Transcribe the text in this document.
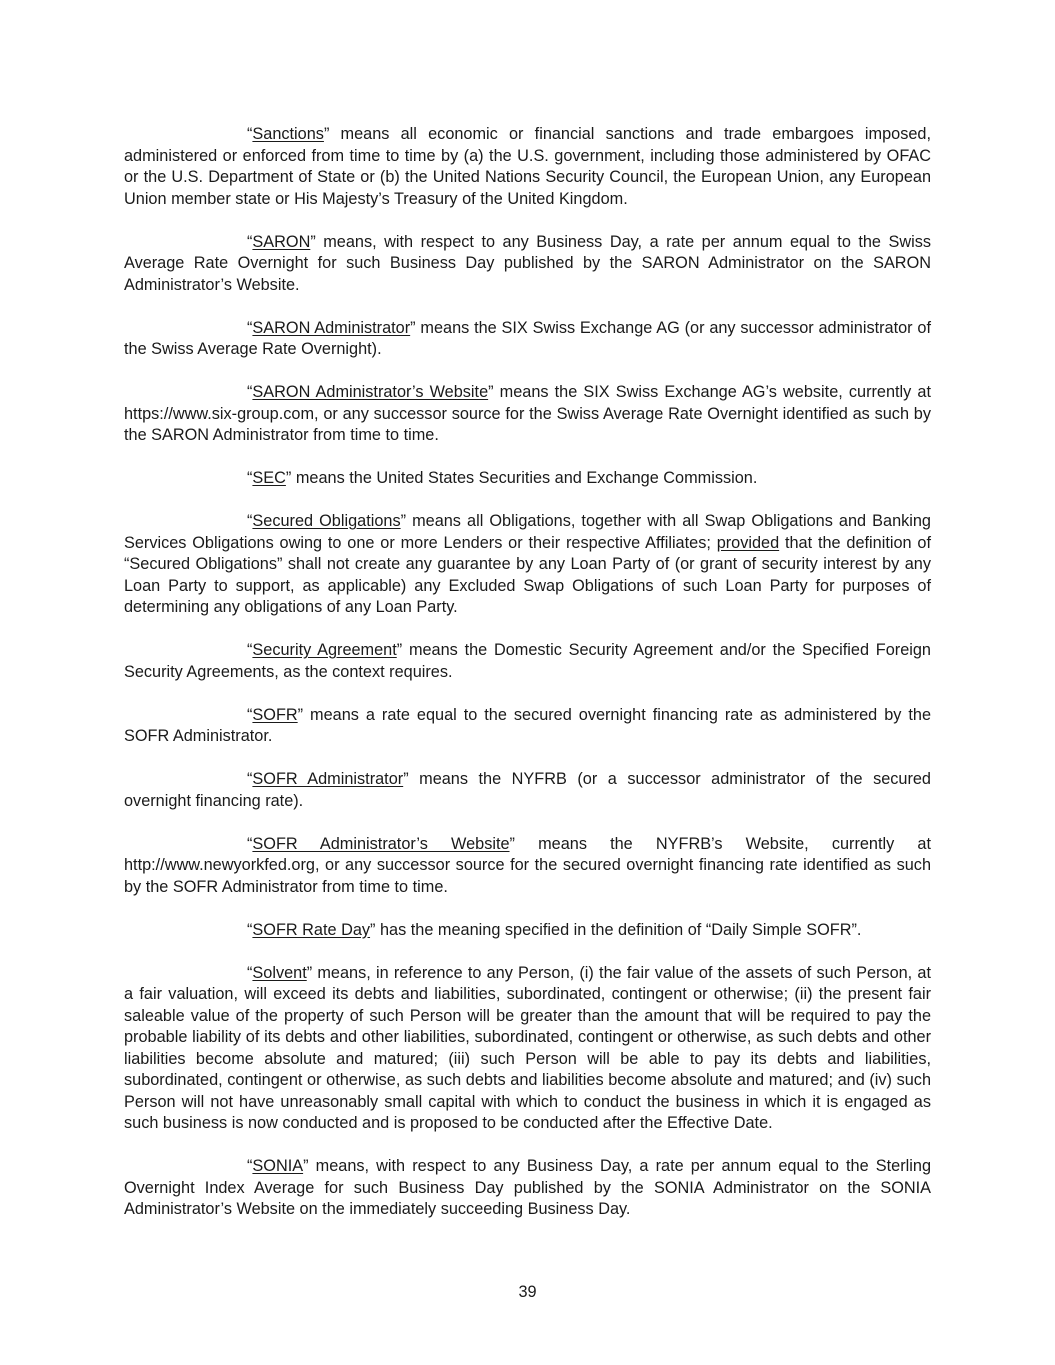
“Sanctions” means all economic or financial sanctions and trade embargoes imposed, administered or enforced from time to time by (a) the U.S. government, including those administered by OFAC or the U.S. Department of State or (b) the United Nations Security Council, the European Union, any European Union member state or His Majesty’s Treasury of the United Kingdom.

“SARON” means, with respect to any Business Day, a rate per annum equal to the Swiss Average Rate Overnight for such Business Day published by the SARON Administrator on the SARON Administrator’s Website.

“SARON Administrator” means the SIX Swiss Exchange AG (or any successor administrator of the Swiss Average Rate Overnight).

“SARON Administrator’s Website” means the SIX Swiss Exchange AG’s website, currently at https://www.six-group.com, or any successor source for the Swiss Average Rate Overnight identified as such by the SARON Administrator from time to time.

“SEC” means the United States Securities and Exchange Commission.

“Secured Obligations” means all Obligations, together with all Swap Obligations and Banking Services Obligations owing to one or more Lenders or their respective Affiliates; provided that the definition of “Secured Obligations” shall not create any guarantee by any Loan Party of (or grant of security interest by any Loan Party to support, as applicable) any Excluded Swap Obligations of such Loan Party for purposes of determining any obligations of any Loan Party.

“Security Agreement” means the Domestic Security Agreement and/or the Specified Foreign Security Agreements, as the context requires.

“SOFR” means a rate equal to the secured overnight financing rate as administered by the SOFR Administrator.

“SOFR Administrator” means the NYFRB (or a successor administrator of the secured overnight financing rate).

“SOFR Administrator’s Website” means the NYFRB’s Website, currently at http://www.newyorkfed.org, or any successor source for the secured overnight financing rate identified as such by the SOFR Administrator from time to time.

“SOFR Rate Day” has the meaning specified in the definition of “Daily Simple SOFR”.

“Solvent” means, in reference to any Person, (i) the fair value of the assets of such Person, at a fair valuation, will exceed its debts and liabilities, subordinated, contingent or otherwise; (ii) the present fair saleable value of the property of such Person will be greater than the amount that will be required to pay the probable liability of its debts and other liabilities, subordinated, contingent or otherwise, as such debts and other liabilities become absolute and matured; (iii) such Person will be able to pay its debts and liabilities, subordinated, contingent or otherwise, as such debts and liabilities become absolute and matured; and (iv) such Person will not have unreasonably small capital with which to conduct the business in which it is engaged as such business is now conducted and is proposed to be conducted after the Effective Date.

“SONIA” means, with respect to any Business Day, a rate per annum equal to the Sterling Overnight Index Average for such Business Day published by the SONIA Administrator on the SONIA Administrator’s Website on the immediately succeeding Business Day.

39
